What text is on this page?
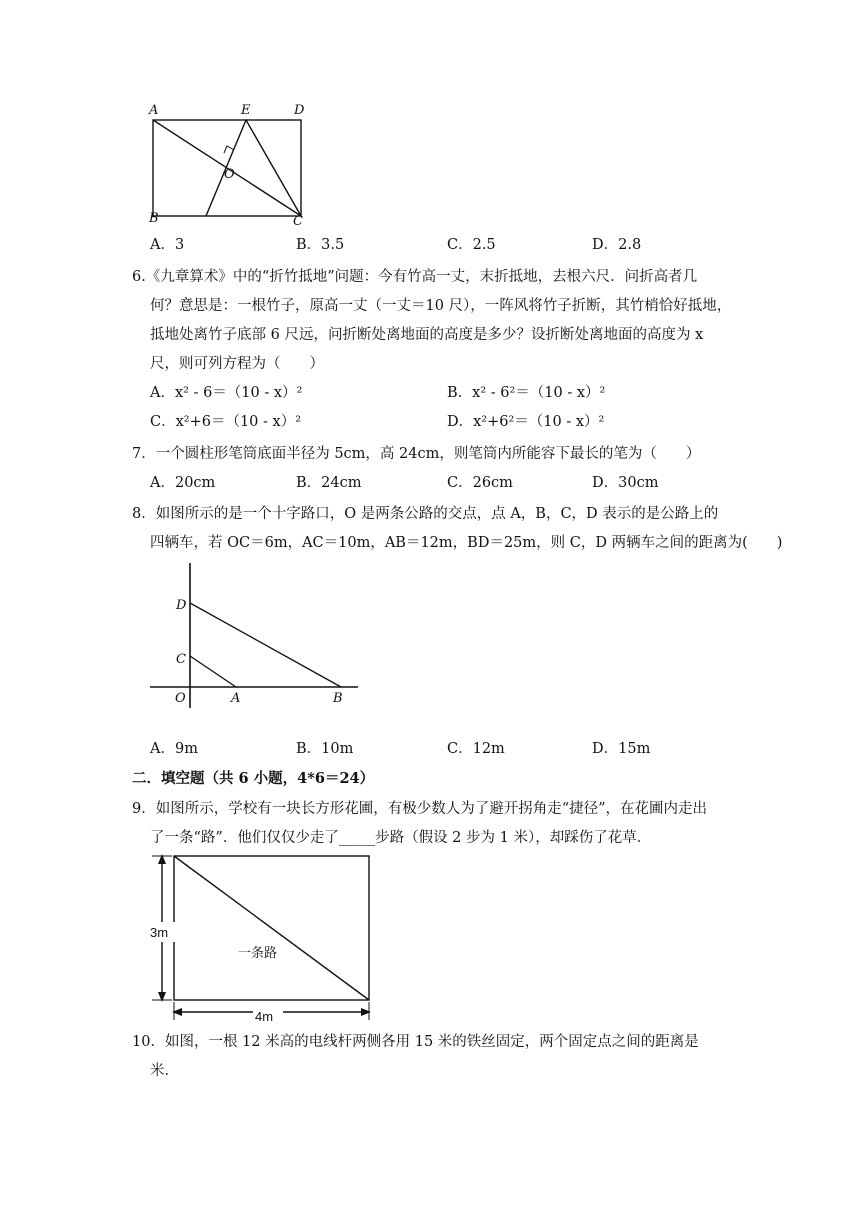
A	E	D
O
B	C
A．3	B．3.5	C．2.5	D．2.8
6.《九章算术》中的“折竹抵地”问题：今有竹高一丈，末折抵地，去根六尺．问折高者几
何？意思是：一根竹子，原高一丈（一丈＝10 尺），一阵风将竹子折断，其竹梢恰好抵地，
抵地处离竹子底部 6 尺远，问折断处离地面的高度是多少？设折断处离地面的高度为 x
尺，则可列方程为（　　）
A．x² - 6＝（10 - x）²	B．x² - 6²＝（10 - x）²
C．x²+6＝（10 - x）²	D．x²+6²＝（10 - x）²
7．一个圆柱形笔筒底面半径为 5cm，高 24cm，则笔筒内所能容下最长的笔为（　　）
A．20cm	B．24cm	C．26cm	D．30cm
8．如图所示的是一个十字路口，O 是两条公路的交点，点 A，B，C，D 表示的是公路上的
四辆车，若 OC＝6m，AC＝10m，AB＝12m，BD＝25m，则 C，D 两辆车之间的距离为(　　)
D
C
O	A	B
A．9m	B．10m	C．12m	D．15m
二．填空题（共 6 小题，4*6＝24）
9．如图所示，学校有一块长方形花圃，有极少数人为了避开拐角走“捷径”，在花圃内走出
了一条“路”．他们仅仅少走了_____步路（假设 2 步为 1 米），却踩伤了花草．
3m
4m
一条路
10．如图，一根 12 米高的电线杆两侧各用 15 米的铁丝固定，两个固定点之间的距离是
米．
